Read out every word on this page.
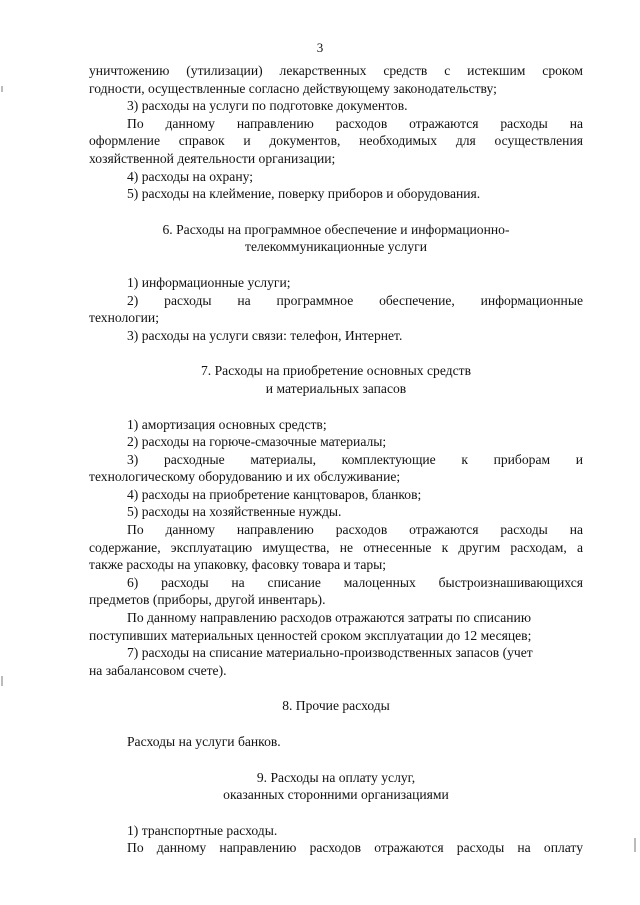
3
уничтожению (утилизации) лекарственных средств с истекшим сроком
годности, осуществленные согласно действующему законодательству;
3) расходы на услуги по подготовке документов.
По данному направлению расходов отражаются расходы на
оформление справок и документов, необходимых для осуществления
хозяйственной деятельности организации;
4) расходы на охрану;
5) расходы на клеймение, поверку приборов и оборудования.
6. Расходы на программное обеспечение и информационно-
телекоммуникационные услуги
1) информационные услуги;
2) расходы на программное обеспечение, информационные
технологии;
3) расходы на услуги связи: телефон, Интернет.
7. Расходы на приобретение основных средств
и материальных запасов
1) амортизация основных средств;
2) расходы на горюче-смазочные материалы;
3) расходные материалы, комплектующие к приборам и
технологическому оборудованию и их обслуживание;
4) расходы на приобретение канцтоваров, бланков;
5) расходы на хозяйственные нужды.
По данному направлению расходов отражаются расходы на
содержание, эксплуатацию имущества, не отнесенные к другим расходам, а
также расходы на упаковку, фасовку товара и тары;
6) расходы на списание малоценных быстроизнашивающихся
предметов (приборы, другой инвентарь).
По данному направлению расходов отражаются затраты по списанию
поступивших материальных ценностей сроком эксплуатации до 12 месяцев;
7) расходы на списание материально-производственных запасов (учет
на забалансовом счете).
8. Прочие расходы
Расходы на услуги банков.
9. Расходы на оплату услуг,
оказанных сторонними организациями
1) транспортные расходы.
По данному направлению расходов отражаются расходы на оплату
